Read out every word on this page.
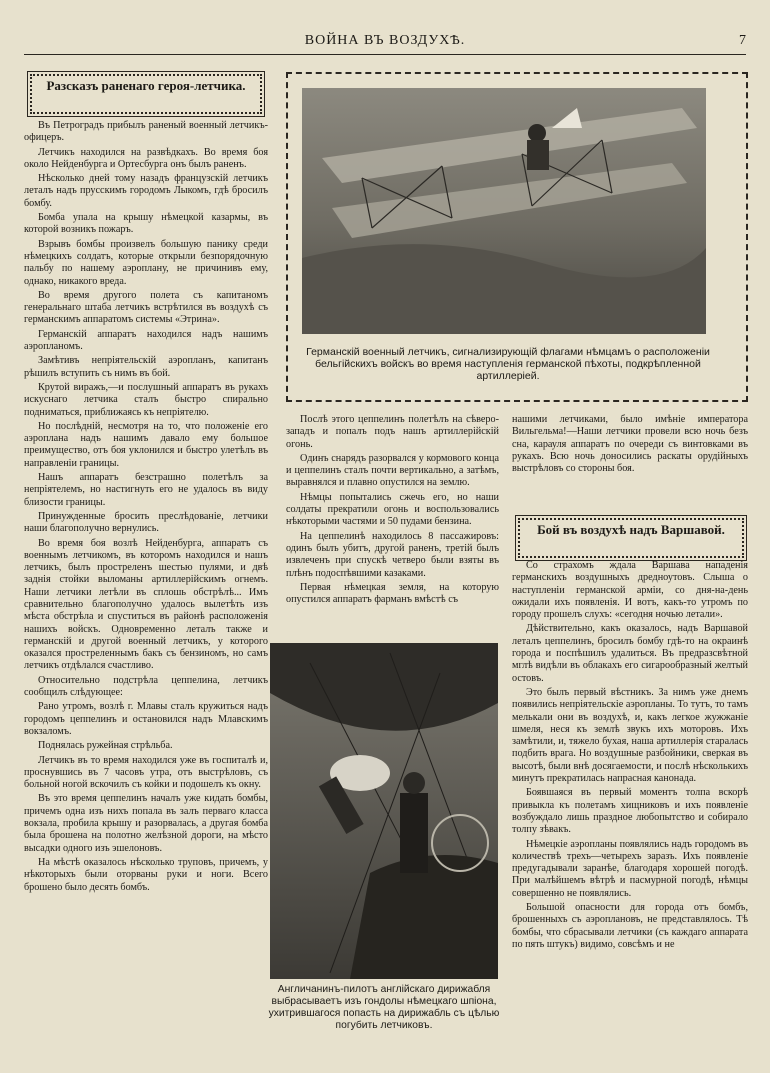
ВОЙНА ВЪ ВОЗДУХѢ.	7
Разсказъ раненаго героя-летчика.

Въ Петроградъ прибылъ раненый военный летчикъ-офицеръ.

Летчикъ находился на развѣдкахъ. Во время боя около Нейденбурга и Ортесбурга онъ былъ раненъ.

Нѣсколько дней тому назадъ французскій летчикъ леталъ надъ прусскимъ городомъ Лыкомъ, гдѣ бросилъ бомбу.

Бомба упала на крышу нѣмецкой казармы, въ которой возникъ пожаръ.

Взрывъ бомбы произвелъ большую панику среди нѣмецкихъ солдатъ, которые открыли безпорядочную пальбу по нашему аэроплану, не причинивъ ему, однако, никакого вреда.

Во время другого полета съ капитаномъ генеральнаго штаба летчикъ встрѣтился въ воздухѣ съ германскимъ аппаратомъ системы «Этрина».

Германскій аппаратъ находился надъ нашимъ аэропланомъ.

Замѣтивъ непріятельскій аэропланъ, капитанъ рѣшилъ вступить съ нимъ въ бой.

Крутой виражъ,—и послушный аппаратъ въ рукахъ искуснаго летчика сталъ быстро спирально подниматься, приближаясь къ непріятелю.

Но послѣдній, несмотря на то, что положеніе его аэроплана надъ нашимъ давало ему большое преимущество, отъ боя уклонился и быстро улетѣлъ въ направленіи границы.

Нашъ аппаратъ безстрашно полетѣлъ за непріятелемъ, но настигнуть его не удалось въ виду близости границы.

Принужденные бросить преслѣдованіе, летчики наши благополучно вернулись.

Во время боя возлѣ Нейденбурга, аппаратъ съ военнымъ летчикомъ, въ которомъ находился и нашъ летчикъ, былъ простреленъ шестью пулями, и двѣ заднія стойки выломаны артиллерійскимъ огнемъ. Наши летчики летѣли въ сплошь обстрѣлѣ... Имъ сравнительно благополучно удалось вылетѣть изъ мѣста обстрѣла и спуститься въ районѣ расположенія нашихъ войскъ. Одновременно леталъ также и германскій и другой военный летчикъ, у которого оказался простреленнымъ бакъ съ бензиномъ, но самъ летчикъ отдѣлался счастливо.

Относительно подстрѣла цеппелина, летчикъ сообщилъ слѣдующее:

Рано утромъ, возлѣ г. Млавы сталъ кружиться надъ городомъ цеппелинъ и остановился надъ Млавскимъ вокзаломъ.

Поднялась ружейная стрѣльба.

Летчикъ въ то время находился уже въ госпиталѣ и, проснувшись въ 7 часовъ утра, отъ выстрѣловъ, съ больной ногой вскочилъ съ койки и подошелъ къ окну.

Въ это время цеппелинъ началъ уже кидать бомбы, причемъ одна изъ нихъ попала въ залъ перваго класса вокзала, пробила крышу и разорвалась, а другая бомба была брошена на полотно желѣзной дороги, на мѣсто высадки одного изъ эшелоновъ.

На мѣстѣ оказалось нѣсколько труповъ, причемъ, у нѣкоторыхъ были оторваны руки и ноги. Всего брошено было десять бомбъ.

Германскій военный летчикъ, сигнализирующій флагами нѣмцамъ о расположеніи бельгійскихъ войскъ во время наступленія германской пѣхоты, подкрѣпленной артиллеріей.

Послѣ этого цеппелинъ полетѣлъ на сѣверо-западъ и попалъ подъ нашъ артиллерійскій огонь.

Одинъ снарядъ разорвался у кормового конца и цеппелинъ сталъ почти вертикально, а затѣмъ, выравнялся и плавно опустился на землю.

Нѣмцы попытались сжечь его, но наши солдаты прекратили огонь и воспользовались нѣкоторыми частями и 50 пудами бензина.

На цеппелинѣ находилось 8 пассажировъ: одинъ былъ убитъ, другой раненъ, третій былъ извлеченъ при спускѣ четверо были взяты въ плѣнъ подоспѣвшими казаками.

Первая нѣмецкая земля, на которую опустился аппаратъ фарманъ вмѣстѣ съ

нашими летчиками, было имѣніе императора Вильгельма!—Наши летчики провели всю ночь безъ сна, карауля аппаратъ по очереди съ винтовками въ рукахъ. Всю ночь доносились раскаты орудійныхъ выстрѣловъ со стороны боя.

Бой въ воздухѣ надъ Варшавой.

Со страхомъ ждала Варшава нападенія германскихъ воздушныхъ дредноутовъ. Слыша о наступленіи германской арміи, со дня-на-день ожидали ихъ появленія. И вотъ, какъ-то утромъ по городу прошелъ слухъ: «сегодня ночью летали».

Дѣйствительно, какъ оказалось, надъ Варшавой леталъ цеппелинъ, бросилъ бомбу гдѣ-то на окраинѣ города и поспѣшилъ удалиться. Въ предразсвѣтной мглѣ видѣли въ облакахъ его сигарообразный желтый остовъ.

Это былъ первый вѣстникъ. За нимъ уже днемъ появились непріятельскіе аэропланы. То тутъ, то тамъ мелькали они въ воздухѣ, и, какъ легкое жужжаніе шмеля, неся къ землѣ звукъ ихъ моторовъ. Ихъ замѣтили, и, тяжело бухая, наша артиллерія старалась подбить врага. Но воздушные разбойники, сверкая въ высотѣ, были внѣ досягаемости, и послѣ нѣсколькихъ минутъ прекратилась напрасная канонада.

Боявшаяся въ первый моментъ толпа вскорѣ привыкла къ полетамъ хищниковъ и ихъ появленіе возбуждало лишь праздное любопытство и собирало толпу зѣвакъ.

Нѣмецкіе аэропланы появлялись надъ городомъ въ количествѣ трехъ—четырехъ заразъ. Ихъ появленіе предугадывали заранѣе, благодаря хорошей погодѣ. При малѣйшемъ вѣтрѣ и пасмурной погодѣ, нѣмцы совершенно не появлялись.

Большой опасности для города отъ бомбъ, брошенныхъ съ аэроплановъ, не представлялось. Тѣ бомбы, что сбрасывали летчики (съ каждаго аппарата по пять штукъ) видимо, совсѣмъ и не

Англичанинъ-пилотъ англійскаго дирижабля выбрасываетъ изъ гондолы нѣмецкаго шпіона, ухитрившагося попасть на дирижабль съ цѣлью погубить летчиковъ.
